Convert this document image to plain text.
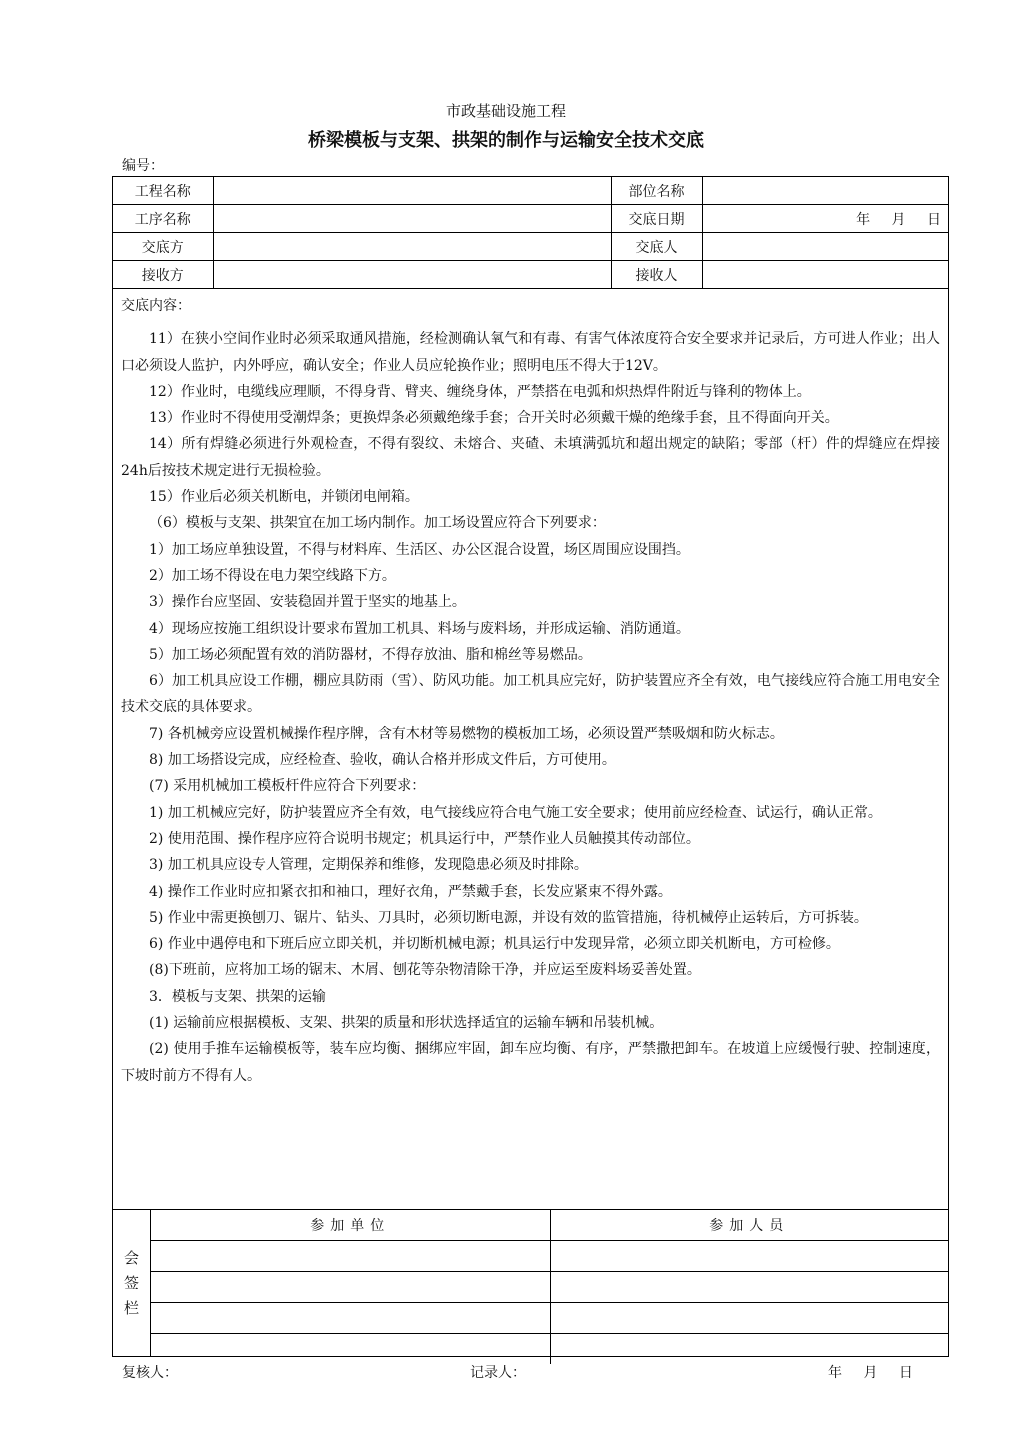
市政基础设施工程
桥梁模板与支架、拱架的制作与运输安全技术交底
编号：
工程名称		部位名称	
工序名称		交底日期	年　 月　 日
交底方		交底人	
接收方		接收人	
交底内容：

11）在狭小空间作业时必须采取通风措施，经检测确认氧气和有毒、有害气体浓度符合安全要求并记录后，方可进人作业；出人口必须设人监护，内外呼应，确认安全；作业人员应轮换作业；照明电压不得大于12V。

12）作业时，电缆线应理顺，不得身背、臂夹、缠绕身体，严禁搭在电弧和炽热焊件附近与锋利的物体上。

13）作业时不得使用受潮焊条；更换焊条必须戴绝缘手套；合开关时必须戴干燥的绝缘手套，且不得面向开关。

14）所有焊缝必须进行外观检查，不得有裂纹、未熔合、夹碴、未填满弧坑和超出规定的缺陷；零部（杆）件的焊缝应在焊接24h后按技术规定进行无损检验。

15）作业后必须关机断电，并锁闭电闸箱。

（6）模板与支架、拱架宜在加工场内制作。加工场设置应符合下列要求：

1）加工场应单独设置，不得与材料库、生活区、办公区混合设置，场区周围应设围挡。

2）加工场不得设在电力架空线路下方。

3）操作台应坚固、安装稳固并置于坚实的地基上。

4）现场应按施工组织设计要求布置加工机具、料场与废料场，并形成运输、消防通道。

5）加工场必须配置有效的消防器材，不得存放油、脂和棉丝等易燃品。

6）加工机具应设工作棚，棚应具防雨（雪）、防风功能。加工机具应完好，防护装置应齐全有效，电气接线应符合施工用电安全技术交底的具体要求。

7) 各机械旁应设置机械操作程序牌，含有木材等易燃物的模板加工场，必须设置严禁吸烟和防火标志。

8) 加工场搭设完成，应经检查、验收，确认合格并形成文件后，方可使用。

(7) 采用机械加工模板杆件应符合下列要求：

1) 加工机械应完好，防护装置应齐全有效，电气接线应符合电气施工安全要求；使用前应经检查、试运行，确认正常。

2) 使用范围、操作程序应符合说明书规定；机具运行中，严禁作业人员触摸其传动部位。

3) 加工机具应设专人管理，定期保养和维修，发现隐患必须及时排除。

4) 操作工作业时应扣紧衣扣和袖口，理好衣角，严禁戴手套，长发应紧束不得外露。

5) 作业中需更换刨刀、锯片、钻头、刀具时，必须切断电源，并设有效的监管措施，待机械停止运转后，方可拆装。

6) 作业中遇停电和下班后应立即关机，并切断机械电源；机具运行中发现异常，必须立即关机断电，方可检修。

(8)下班前，应将加工场的锯末、木屑、刨花等杂物清除干净，并应运至废料场妥善处置。

3．模板与支架、拱架的运输

(1) 运输前应根据模板、支架、拱架的质量和形状选择适宜的运输车辆和吊装机械。

(2) 使用手推车运输模板等，装车应均衡、捆绑应牢固，卸车应均衡、有序，严禁撒把卸车。在坡道上应缓慢行驶、控制速度，下坡时前方不得有人。

会
签
栏
参加单位	参加人员

复核人：	记录人：	年　 月　 日
